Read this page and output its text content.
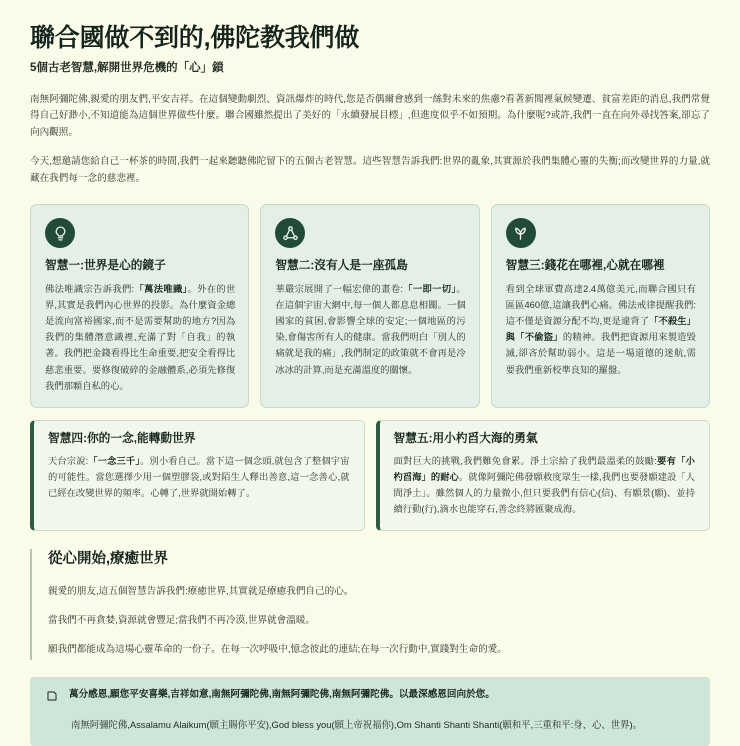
聯合國做不到的,佛陀教我們做
5個古老智慧,解開世界危機的「心」鎖

南無阿彌陀佛,親愛的朋友們,平安吉祥。在這個變動劇烈、資訊爆炸的時代,您是否偶爾會感到一絲對未來的焦慮?看著新聞裡氣候變遷、貧富差距的消息,我們常覺得自己好渺小,不知道能為這個世界做些什麼。聯合國雖然提出了美好的「永續發展目標」,但進度似乎不如預期。為什麼呢?或許,我們一直在向外尋找答案,卻忘了向內觀照。

今天,想邀請您給自己一杯茶的時間,我們一起來聽聽佛陀留下的五個古老智慧。這些智慧告訴我們:世界的亂象,其實源於我們集體心靈的失衡;而改變世界的力量,就藏在我們每一念的慈悲裡。

智慧一:世界是心的鏡子

佛法唯識宗告訴我們:「萬法唯識」。外在的世界,其實是我們內心世界的投影。為什麼資金總是流向富裕國家,而不是需要幫助的地方?因為我們的集體潛意識裡,充滿了對「自我」的執著。我們把金錢看得比生命重要,把安全看得比慈悲重要。要修復破碎的金融體系,必須先修復我們那顆自私的心。

智慧二:沒有人是一座孤島

華嚴宗展開了一幅宏偉的畫卷:「一即一切」。在這個宇宙大網中,每一個人都息息相關。一個國家的貧困,會影響全球的安定;一個地區的污染,會傷害所有人的健康。當我們明白「別人的痛就是我的痛」,我們制定的政策就不會再是冷冰冰的計算,而是充滿溫度的關懷。

智慧三:錢花在哪裡,心就在哪裡

看到全球軍費高達2.4萬億美元,而聯合國只有區區460億,這讓我們心痛。佛法戒律提醒我們:這不僅是資源分配不均,更是違背了「不殺生」與「不偷盜」的精神。我們把資源用來製造毀滅,卻吝於幫助弱小。這是一場道德的迷航,需要我們重新校準良知的羅盤。

智慧四:你的一念,能轉動世界

天台宗說:「一念三千」。別小看自己。當下這一個念頭,就包含了整個宇宙的可能性。當您選擇少用一個塑膠袋,或對陌生人釋出善意,這一念善心,就已經在改變世界的頻率。心轉了,世界就開始轉了。

智慧五:用小杓舀大海的勇氣

面對巨大的挑戰,我們難免會累。淨土宗給了我們最溫柔的鼓勵:要有「小杓舀海」的耐心。就像阿彌陀佛發願救度眾生一樣,我們也要發願建設「人間淨土」。雖然個人的力量微小,但只要我們有信心(信)、有願景(願)、並持續行動(行),滴水也能穿石,善念終將匯聚成海。

從心開始,療癒世界

親愛的朋友,這五個智慧告訴我們:療癒世界,其實就是療癒我們自己的心。

當我們不再貪婪,資源就會豐足;當我們不再冷漠,世界就會溫暖。

願我們都能成為這場心靈革命的一份子。在每一次呼吸中,憶念彼此的連結;在每一次行動中,實踐對生命的愛。

萬分感恩,願您平安喜樂,吉祥如意,南無阿彌陀佛,南無阿彌陀佛,南無阿彌陀佛。以最深感恩回向於您。

南無阿彌陀佛,Assalamu Alaikum(願主賜你平安),God bless you(願上帝祝福你),Om Shanti Shanti Shanti(願和平,三重和平:身、心、世界)。
